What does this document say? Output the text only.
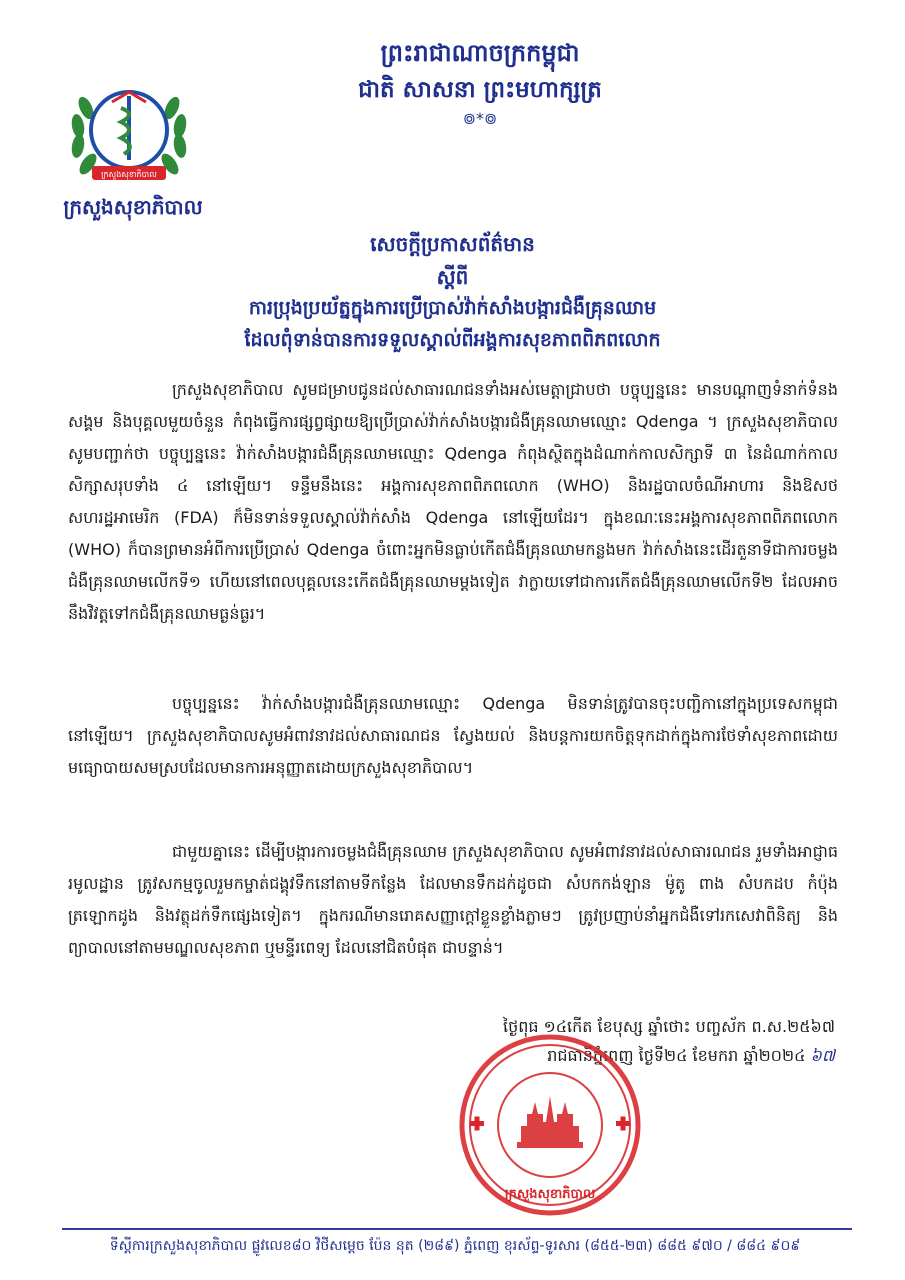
ក្រសួងសុខាភិបាល
ព្រះរាជាណាចក្រកម្ពុជា
ជាតិ សាសនា ព្រះមហាក្សត្រ
៙*៙
ក្រសួងសុខាភិបាល
សេចក្តីប្រកាសព័ត៌មាន
ស្តីពី
ការប្រុងប្រយ័ត្នក្នុងការប្រើប្រាស់វ៉ាក់សាំងបង្ការជំងឺគ្រុនឈាម
ដែលពុំទាន់បានការទទួលស្គាល់ពីអង្គការសុខភាពពិភពលោក

ក្រសួងសុខាភិបាល សូមជម្រាបជូនដល់សាធារណជនទាំងអស់មេត្តាជ្រាបថា បច្ចុប្បន្ននេះ មានបណ្តាញទំនាក់ទំនងសង្គម និងបុគ្គលមួយចំនួន កំពុងធ្វើការផ្សព្វផ្សាយឱ្យប្រើប្រាស់វ៉ាក់សាំងបង្ការជំងឺគ្រុនឈាមឈ្មោះ Qdenga ។ ក្រសួងសុខាភិបាល សូមបញ្ជាក់ថា បច្ចុប្បន្ននេះ វ៉ាក់សាំងបង្ការជំងឺគ្រុនឈាមឈ្មោះ Qdenga កំពុងស្ថិតក្នុងដំណាក់កាលសិក្សាទី ៣ នៃដំណាក់កាលសិក្សាសរុបទាំង ៤ នៅឡើយ។ ទន្ទឹមនឹងនេះ អង្គការសុខភាពពិភពលោក (WHO) និងរដ្ឋបាលចំណីអាហារ និងឱសថសហរដ្ឋអាមេរិក (FDA) ក៏មិនទាន់ទទួលស្គាល់វ៉ាក់សាំង Qdenga នៅឡើយដែរ។ ក្នុងខណៈនេះអង្គការសុខភាពពិភពលោក (WHO) ក៏បានព្រមានអំពីការប្រើប្រាស់ Qdenga ចំពោះអ្នកមិនធ្លាប់កើតជំងឺគ្រុនឈាមកន្លងមក វ៉ាក់សាំងនេះដើរតួនាទីជាការចម្លងជំងឺគ្រុនឈាមលើកទី១ ហើយនៅពេលបុគ្គលនេះកើតជំងឺគ្រុនឈាមម្តងទៀត វាក្លាយទៅជាការកើតជំងឺគ្រុនឈាមលើកទី២ ដែលអាចនឹងវិវត្តទៅកជំងឺគ្រុនឈាមធ្ងន់ធ្ងរ។

បច្ចុប្បន្ននេះ វ៉ាក់សាំងបង្ការជំងឺគ្រុនឈាមឈ្មោះ Qdenga មិនទាន់ត្រូវបានចុះបញ្ជិកានៅក្នុងប្រទេសកម្ពុជានៅឡើយ។ ក្រសួងសុខាភិបាលសូមអំពាវនាវដល់សាធារណជន ស្វែងយល់ និងបន្តការយកចិត្តទុកដាក់ក្នុងការថែទាំសុខភាពដោយមធ្យោបាយសមស្របដែលមានការអនុញ្ញាតដោយក្រសួងសុខាភិបាល។

ជាមួយគ្នានេះ ដើម្បីបង្ការការចម្លងជំងឺគ្រុនឈាម ក្រសួងសុខាភិបាល សូមអំពាវនាវដល់សាធារណជន រួមទាំងអាជ្ញាធរមូលដ្ឋាន ត្រូវសកម្មចូលរួមកម្ចាត់ជង្គុវទឹកនៅតាមទីកន្លែង ដែលមានទឹកដក់ដូចជា សំបកកង់ឡាន ម៉ូតូ ពាង សំបកដប កំប៉ុង ត្រឡោកដូង និងវត្ថុដក់ទឹកផ្សេងទៀត។ ក្នុងករណីមានរោគសញ្ញាក្តៅខ្លួនខ្លាំងភ្លាមៗ ត្រូវប្រញាប់នាំអ្នកជំងឺទៅរកសេវាពិនិត្យ និងព្យាបាលនៅតាមមណ្ឌលសុខភាព ឬមន្ទីរពេទ្យ ដែលនៅជិតបំផុត ជាបន្ទាន់។

ថ្ងៃពុធ ១៤កើត ខែបុស្ស ឆ្នាំថោះ បញ្ចស័ក ព.ស.២៥៦៧
រាជធានីភ្នំពេញ ថ្ងៃទី២៤ ខែមករា ឆ្នាំ២០២៤ ៦៧
ក្រសួងសុខាភិបាល
ទីស្តីការក្រសួងសុខាភិបាល ផ្លូវលេខ៨០ វិថីសម្តេច ប៉ែន នុត (២៨៩) ភ្នំពេញ ខុរស័ព្ទ-ទូរសារ (៨៥៥-២៣) ៨៨៥ ៩៧០ / ៨៨៤ ៩០៩
